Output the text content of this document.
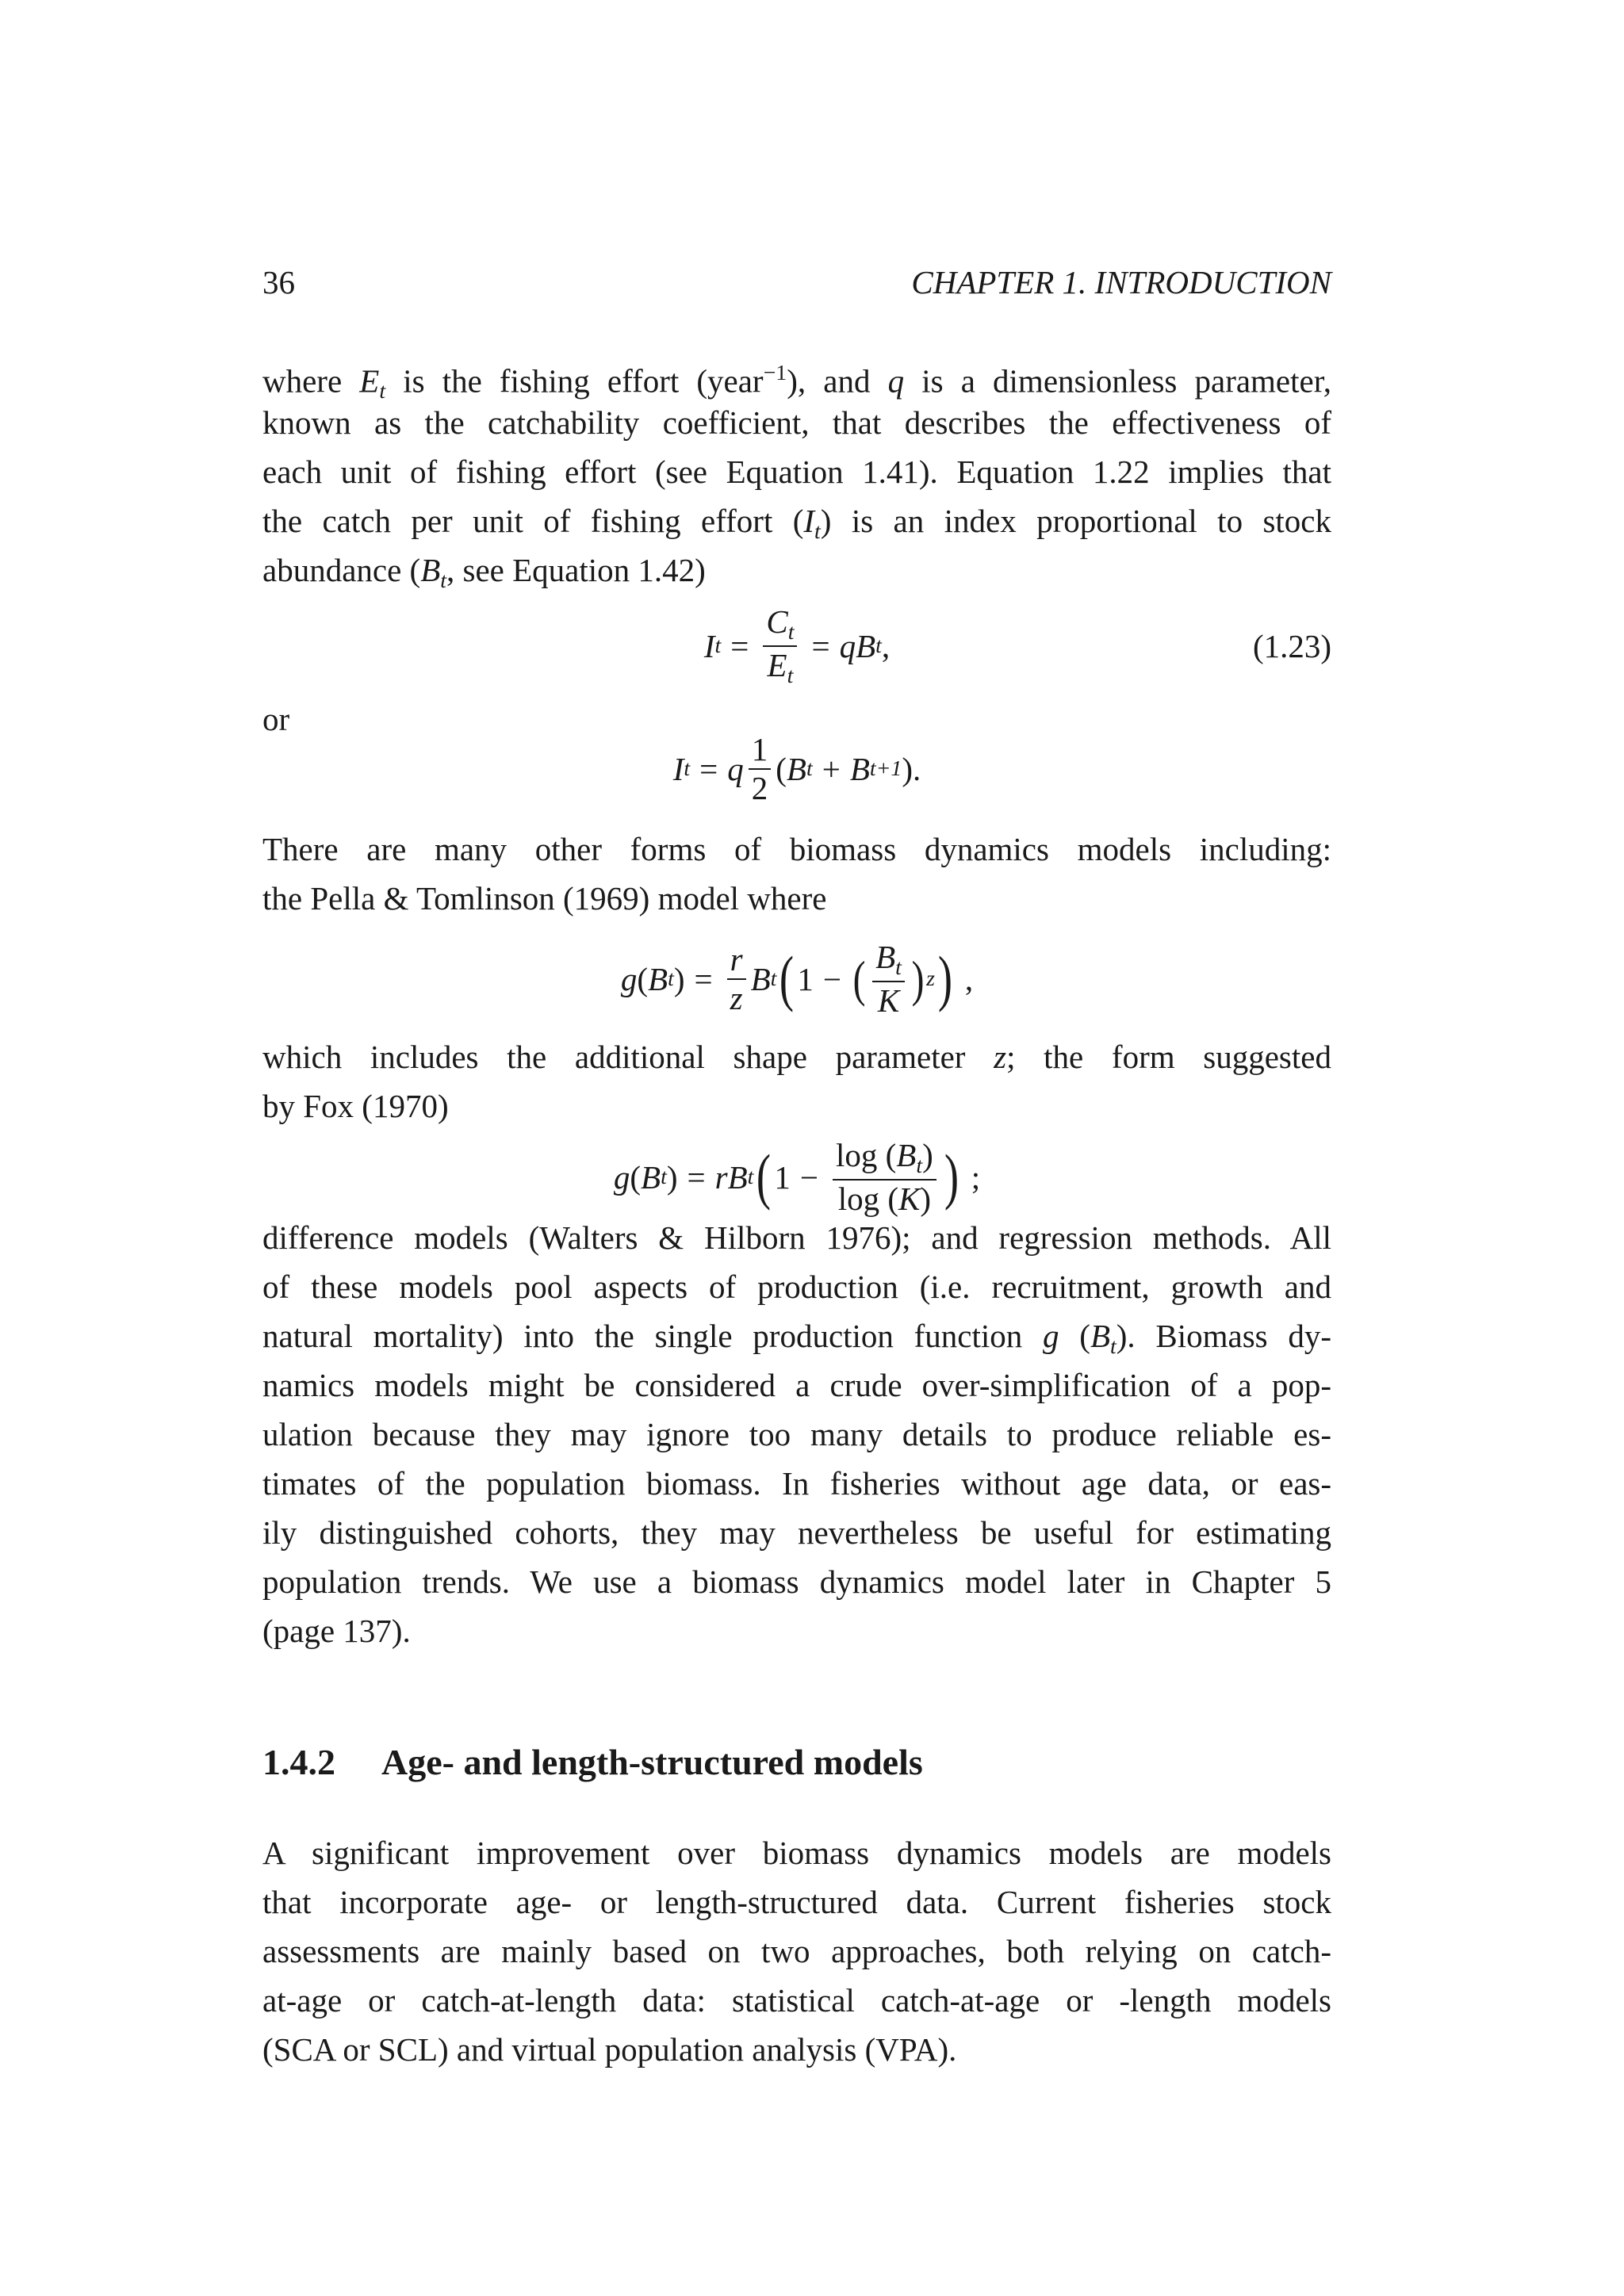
36	CHAPTER 1. INTRODUCTION
where $E_t$ is the fishing effort (year$^{-1}$), and q is a dimensionless parameter,
known as the catchability coefficient, that describes the effectiveness of
each unit of fishing effort (see Equation 1.41). Equation 1.22 implies that
the catch per unit of fishing effort $(I_t)$ is an index proportional to stock
abundance ($B_t$, see Equation 1.42)
I $t = \frac{C_t}{E_t} = q$ B t ,	(1.23)
or
I t = q $\frac{1}{2}$ ( B t + B t+1 ) .
There are many other forms of biomass dynamics models including:
the Pella & Tomlinson (1969) model where
g ( B t ) = $\frac{r}{z}$ B t ( 1 − ( $\frac{B_t}{K}$ ) z ) ,
which includes the additional shape parameter z; the form suggested
by Fox (1970)
g ( B t ) = r B t ( $1 - \frac{\log (B_t)}{\log (K)}$ ) ;
difference models (Walters & Hilborn 1976); and regression methods. All
of these models pool aspects of production (i.e. recruitment, growth and
natural mortality) into the single production function g $(B_t)$. Biomass dy-
namics models might be considered a crude over-simplification of a pop-
ulation because they may ignore too many details to produce reliable es-
timates of the population biomass. In fisheries without age data, or eas-
ily distinguished cohorts, they may nevertheless be useful for estimating
population trends. We use a biomass dynamics model later in Chapter 5
(page 137).
1.4.2 Age- and length-structured models
A significant improvement over biomass dynamics models are models
that incorporate age- or length-structured data. Current fisheries stock
assessments are mainly based on two approaches, both relying on catch-
at-age or catch-at-length data: statistical catch-at-age or -length models
(SCA or SCL) and virtual population analysis (VPA).
